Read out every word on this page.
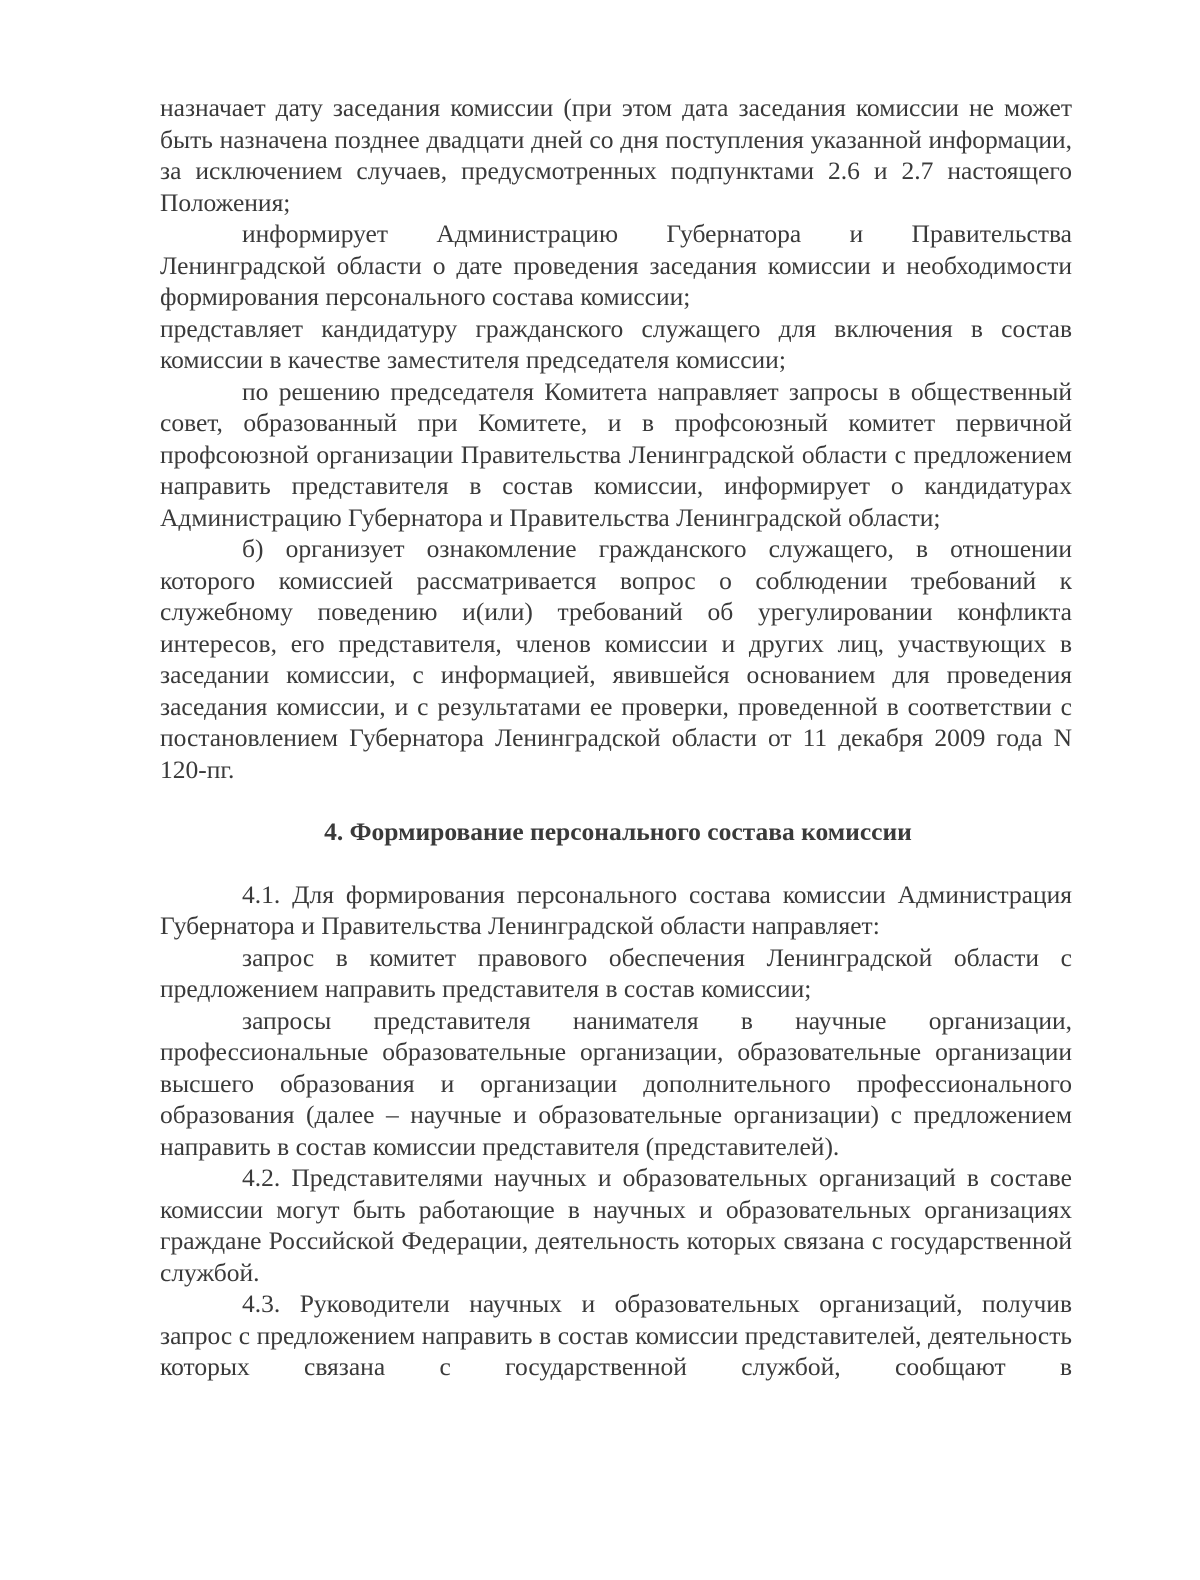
назначает дату заседания комиссии (при этом дата заседания комиссии не может быть назначена позднее двадцати дней со дня поступления указанной информации, за исключением случаев, предусмотренных подпунктами 2.6 и 2.7 настоящего Положения;

информирует Администрацию Губернатора и Правительства Ленинградской области о дате проведения заседания комиссии и необходимости формирования персонального состава комиссии;

представляет кандидатуру гражданского служащего для включения в состав комиссии в качестве заместителя председателя комиссии;

по решению председателя Комитета направляет запросы в общественный совет, образованный при Комитете, и в профсоюзный комитет первичной профсоюзной организации Правительства Ленинградской области с предложением направить представителя в состав комиссии, информирует о кандидатурах Администрацию Губернатора и Правительства Ленинградской области;

б) организует ознакомление гражданского служащего, в отношении которого комиссией рассматривается вопрос о соблюдении требований к служебному поведению и(или) требований об урегулировании конфликта интересов, его представителя, членов комиссии и других лиц, участвующих в заседании комиссии, с информацией, явившейся основанием для проведения заседания комиссии, и с результатами ее проверки, проведенной в соответствии с постановлением Губернатора Ленинградской области от 11 декабря 2009 года N 120-пг.

4. Формирование персонального состава комиссии

4.1. Для формирования персонального состава комиссии Администрация Губернатора и Правительства Ленинградской области направляет:

запрос в комитет правового обеспечения Ленинградской области с предложением направить представителя в состав комиссии;

запросы представителя нанимателя в научные организации, профессиональные образовательные организации, образовательные организации высшего образования и организации дополнительного профессионального образования (далее – научные и образовательные организации) с предложением направить в состав комиссии представителя (представителей).

4.2. Представителями научных и образовательных организаций в составе комиссии могут быть работающие в научных и образовательных организациях граждане Российской Федерации, деятельность которых связана с государственной службой.

4.3. Руководители научных и образовательных организаций, получив запрос с предложением направить в состав комиссии представителей, деятельность которых связана с государственной службой, сообщают в
